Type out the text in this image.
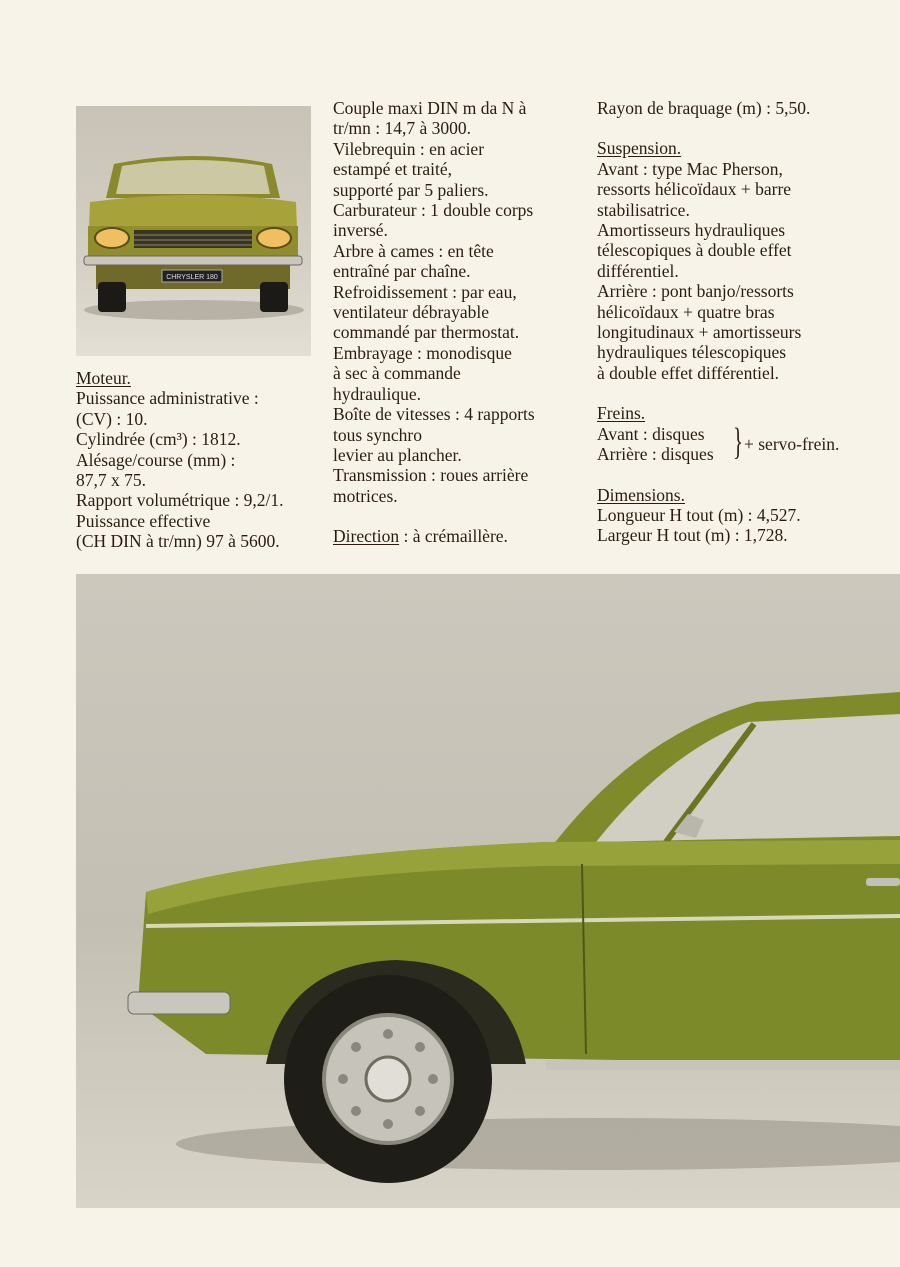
CHRYSLER 180

Moteur.

Puissance administrative :

(CV) : 10.

Cylindrée (cm³) : 1812.

Alésage/course (mm) :

87,7 x 75.

Rapport volumétrique : 9,2/1.

Puissance effective

(CH DIN à tr/mn) 97 à 5600.

Couple maxi DIN m da N à

tr/mn : 14,7 à 3000.

Vilebrequin : en acier

estampé et traité,

supporté par 5 paliers.

Carburateur : 1 double corps

inversé.

Arbre à cames : en tête

entraîné par chaîne.

Refroidissement : par eau,

ventilateur débrayable

commandé par thermostat.

Embrayage : monodisque

à sec à commande

hydraulique.

Boîte de vitesses : 4 rapports

tous synchro

levier au plancher.

Transmission : roues arrière

motrices.

Direction : à crémaillère.

Rayon de braquage (m) : 5,50.

Suspension.

Avant : type Mac Pherson,

ressorts hélicoïdaux + barre

stabilisatrice.

Amortisseurs hydrauliques

télescopiques à double effet

différentiel.

Arrière : pont banjo/ressorts

hélicoïdaux + quatre bras

longitudinaux + amortisseurs

hydrauliques télescopiques

à double effet différentiel.

Freins.

Avant : disques

Arrière : disques } + servo-frein.

Dimensions.

Longueur H tout (m) : 4,527.

Largeur H tout (m) : 1,728.
